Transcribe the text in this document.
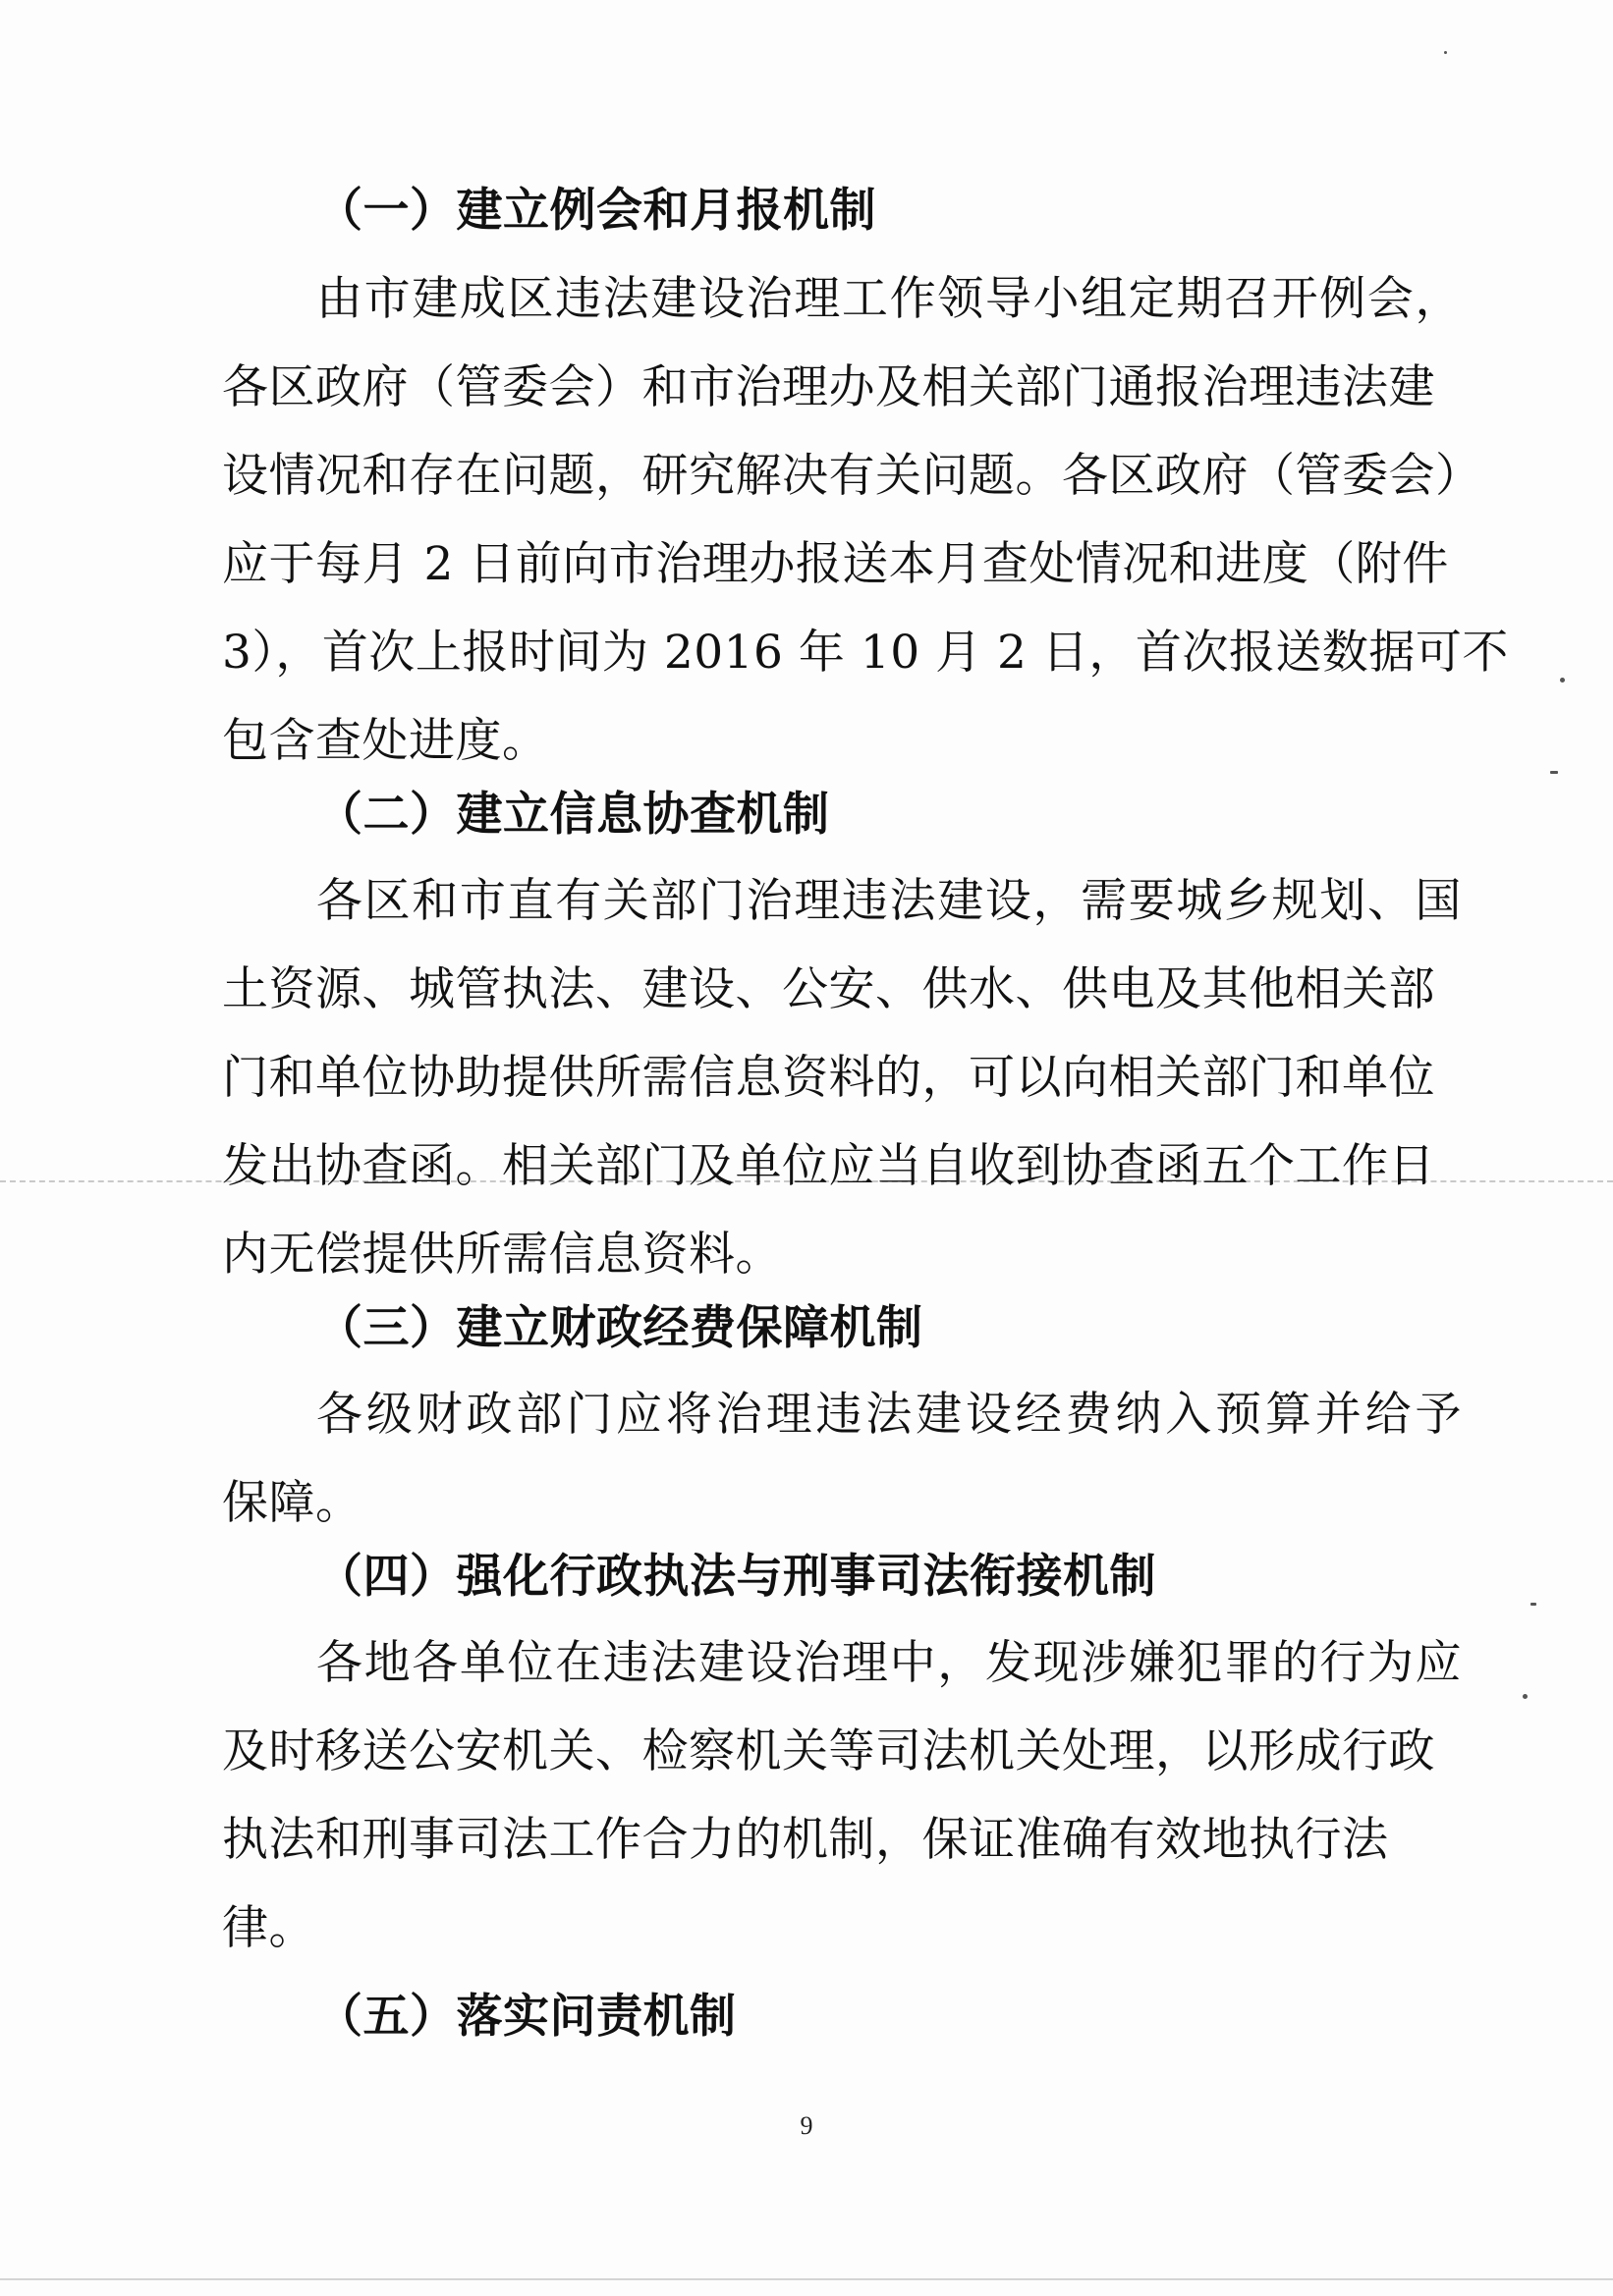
（一）建立例会和月报机制
由市建成区违法建设治理工作领导小组定期召开例会，
各区政府（管委会）和市治理办及相关部门通报治理违法建
设情况和存在问题，研究解决有关问题。各区政府（管委会）
应于每月 2 日前向市治理办报送本月查处情况和进度（附件
3），首次上报时间为 2016 年 10 月 2 日，首次报送数据可不
包含查处进度。
（二）建立信息协查机制
各区和市直有关部门治理违法建设，需要城乡规划、国
土资源、城管执法、建设、公安、供水、供电及其他相关部
门和单位协助提供所需信息资料的，可以向相关部门和单位
发出协查函。相关部门及单位应当自收到协查函五个工作日
内无偿提供所需信息资料。
（三）建立财政经费保障机制
各级财政部门应将治理违法建设经费纳入预算并给予
保障。
（四）强化行政执法与刑事司法衔接机制
各地各单位在违法建设治理中，发现涉嫌犯罪的行为应
及时移送公安机关、检察机关等司法机关处理，以形成行政
执法和刑事司法工作合力的机制，保证准确有效地执行法
律。
（五）落实问责机制
9
